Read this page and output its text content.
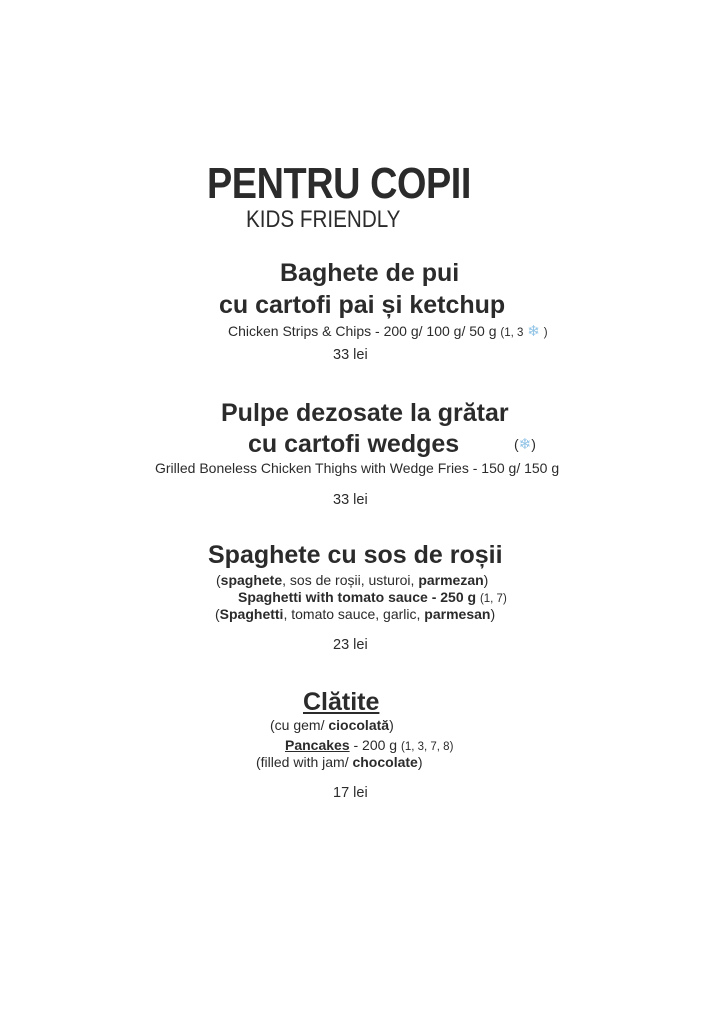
PENTRU COPII
KIDS FRIENDLY
Baghete de pui
cu cartofi pai și ketchup
Chicken Strips & Chips - 200 g/ 100 g/ 50 g (1, 3 ❄ )
33 lei
Pulpe dezosate la grătar
cu cartofi wedges	(❄)
Grilled Boneless Chicken Thighs with Wedge Fries - 150 g/ 150 g
33 lei
Spaghete cu sos de roșii
(spaghete, sos de roșii, usturoi, parmezan)
Spaghetti with tomato sauce - 250 g (1, 7)
(Spaghetti, tomato sauce, garlic, parmesan)
23 lei
Clătite
(cu gem/ ciocolată)
Pancakes - 200 g (1, 3, 7, 8)
(filled with jam/ chocolate)
17 lei
